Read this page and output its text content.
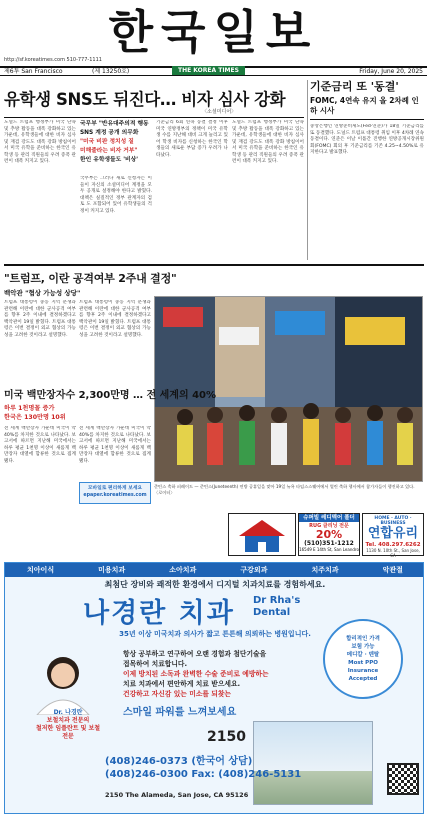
한국일보
http://sf.koreatimes.com 510-777-1111
제6투 San Francisco	(제 13250호)	Friday, June 20, 2025
THE KOREA TIMES
유학생 SNS도 뒤진다… 비자 심사 강화
〈소셜미디어〉
도널드 트럼프 행정부가 미국 단속 및 추방 활동을 대폭 강화하고 있는 가운데, 유학생들에 대한 비자 심사 및 재검 강도도 대폭 강화 방침이어서 미국 유학을 준비하는 한국인 유학생 등 관리 직원들의 우려 증폭 관련이 대폭 커지고 있다.
국무부 "반유대주의적 행동
SNS 계정 공개 의무화
"미국 비판 정치성 짙
미해줄라는 비자 거부"
한인 유학생들도 '비상'
국무부는 그러나 새로 신청자는 이들이 자신의 소셜미디어 계정을 모두 공개로 설정해야 한다고 밝혔다. 대책은 실질적인 정부 관계자의 검토 도 포함되어 있어 유학생들의 걱정이 커지고 있다.
기준금리 6회 연속 동결 결정 이후 미국 연방정부의 정책이 미국 유학생 수를 지난해 대비 크게 늘리고 있어 학생 비자를 신청하는 한국인 학생들의 새로운 부담 증가 우려가 나타났다.
도널드 트럼프 행정부가 미국 단속 및 추방 활동을 대폭 강화하고 있는 가운데, 유학생들에 대한 비자 심사 및 재검 강도도 대폭 강화 방침이어서 미국 유학을 준비하는 한국인 유학생 등 관리 직원들의 우려 증폭 관련이 대폭 커지고 있다.
기준금리 또 '동결'
FOMC, 4연속 유지 올 2차례 인하 시사
중앙은행인 연방준비제도(Fed·연준)가 18일 기준금리를 또 동결했다. 도널드 트럼프 대통령 취임 이후 4차례 연속 동결이다. 연준은 이날 이틀간 진행한 연방공개시장위원회(FOMC) 회의 후 기준금리를 기존 4.25~4.50%로 유지한다고 발표했다.
"트럼프, 이란 공격여부 2주내 결정"
백악관 "협상 가능성 상당"
트럼프 대통령이 중동 지역 분쟁과 관련해 이란에 대한 군사공격 여부를 향후 2주 이내에 결정하겠다고 백악관이 19일 밝혔다. 트럼프 대통령은 이번 결정이 외교 협상의 가능성을 고려한 것이라고 설명했다.
트럼프 대통령이 중동 지역 분쟁과 관련해 이란에 대한 군사공격 여부를 향후 2주 이내에 결정하겠다고 백악관이 19일 밝혔다. 트럼프 대통령은 이번 결정이 외교 협상의 가능성을 고려한 것이라고 설명했다.
준틴스 축하 퍼레이드 — 준틴스(Juneteenth) 연방 공휴일을 맞아 19일 뉴욕 타임스스퀘어에서 열린 축하 행사에서 참가자들이 행진하고 있다. 〈로이터〉
미국 백만장자수 2,300만명 … 전 세계의 40%
하루 1천명꼴 증가
한국은 130만명 10위
전 세계 백만장자 가운데 미국이 약 40%를 차지한 것으로 나타났다. 보고서에 따르면 지난해 미국에서는 하루 평균 1천명 이상이 새롭게 백만장자 대열에 합류한 것으로 집계됐다.
전 세계 백만장자 가운데 미국이 약 40%를 차지한 것으로 나타났다. 보고서에 따르면 지난해 미국에서는 하루 평균 1천명 이상이 새롭게 백만장자 대열에 합류한 것으로 집계됐다.
모바일로 편리하게 보세요
epaper.koreatimes.com
슈퍼빌 레디멕어 폴더
RUG 클리닝 전문
20%
(510)351-1212
16549 E 14th St, San Leandro
HOME · AUTO · BUSINESS
연합유리
Tel. 408.297.6262
1130 N. 10th St., San Jose, CA
치아이식	미용치과	소아치과	구강외과	치주치과	악관절
최첨단 장비와 쾌적한 환경에서 디지털 치과치료를 경험하세요.
나경란 치과 Dr Rha's
Dental
35년 이상 미국치과 의사가 짧고 튼튼해 의뢰하는 병원입니다.
Dr. 나경란
보철치과 전문의
철저한 임플란트 및 보철전문
항상 공부하고 연구하여 오랜 경험과 첨단기술을
접목하여 치료합니다.
이제 방치된 소독과 완벽한 수술 준비로 예방하는
치료 치과에서 편안하게 치료 받으세요.
건강하고 자신감 있는 미소를 되찾는
스마일 파워를 느껴보세요
합리적인 가격
보험 가능
메디칼 · 덴탈
Most PPO
Insurance
Accepted
2150
(408)246-0373 (한국어 상담)
(408)246-0300 Fax: (408)246-5131
2150 The Alameda, San Jose, CA 95126
